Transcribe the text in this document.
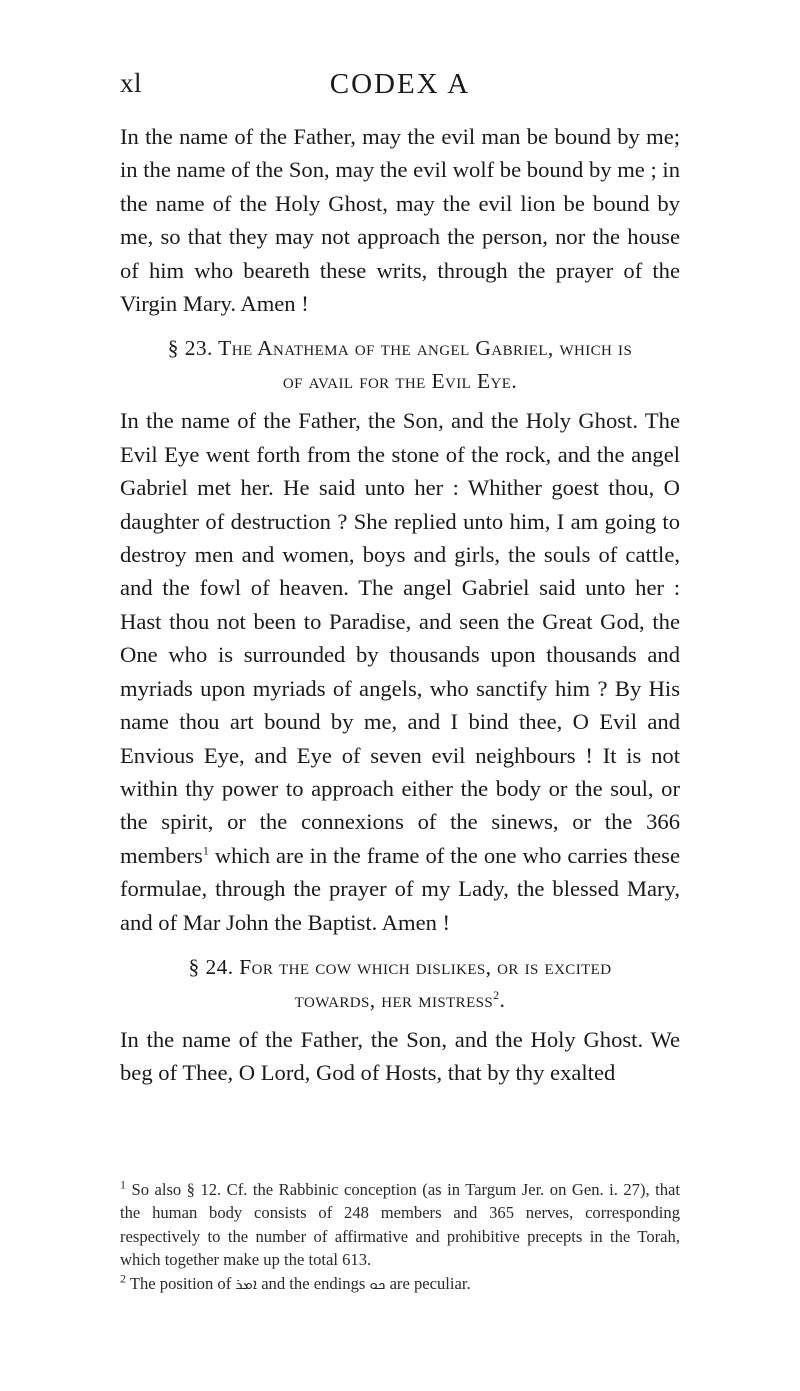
xl	CODEX A

In the name of the Father, may the evil man be bound by me; in the name of the Son, may the evil wolf be bound by me ; in the name of the Holy Ghost, may the evil lion be bound by me, so that they may not approach the person, nor the house of him who beareth these writs, through the prayer of the Virgin Mary. Amen !

§ 23. The Anathema of the angel Gabriel, which is
of avail for the Evil Eye.

In the name of the Father, the Son, and the Holy Ghost. The Evil Eye went forth from the stone of the rock, and the angel Gabriel met her. He said unto her : Whither goest thou, O daughter of destruction ? She replied unto him, I am going to destroy men and women, boys and girls, the souls of cattle, and the fowl of heaven. The angel Gabriel said unto her : Hast thou not been to Paradise, and seen the Great God, the One who is surrounded by thousands upon thousands and myriads upon myriads of angels, who sanctify him ? By His name thou art bound by me, and I bind thee, O Evil and Envious Eye, and Eye of seven evil neighbours ! It is not within thy power to approach either the body or the soul, or the spirit, or the connexions of the sinews, or the 366 members$^1$ which are in the frame of the one who carries these formulae, through the prayer of my Lady, the blessed Mary, and of Mar John the Baptist. Amen !

§ 24. For the cow which dislikes, or is excited
towards, her mistress$^2$.

In the name of the Father, the Son, and the Holy Ghost. We beg of Thee, O Lord, God of Hosts, that by thy exalted

$^1$ So also § 12. Cf. the Rabbinic conception (as in Targum Jer. on Gen. i. 27), that the human body consists of 248 members and 365 nerves, corresponding respectively to the number of affirmative and prohibitive precepts in the Torah, which together make up the total 613.

$^2$ The position of ܐܡܪ and the endings ܟܘ are peculiar.
